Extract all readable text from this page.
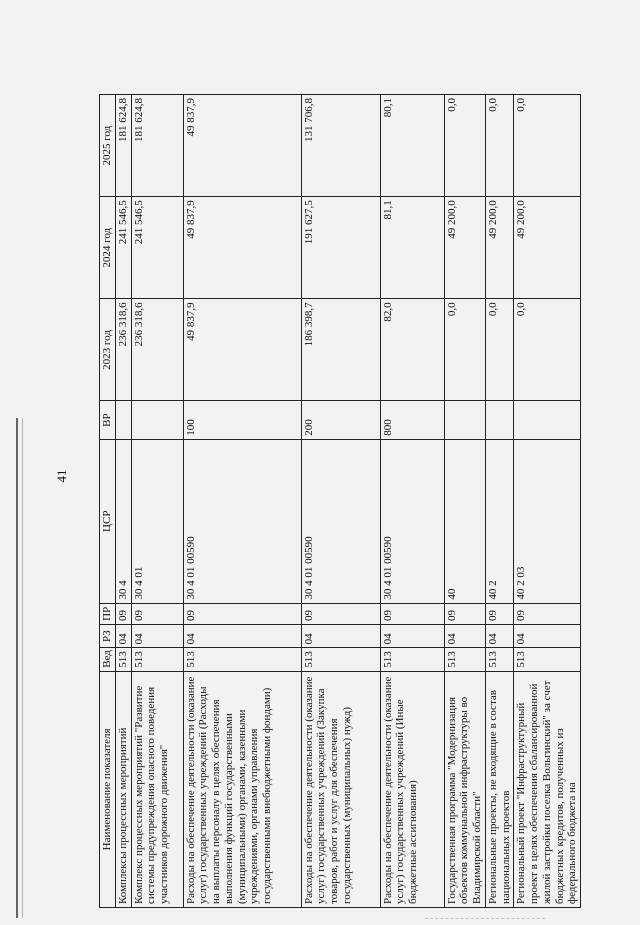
41
Наименование показателя	Вед	РЗ	ПР	ЦСР	ВР	2023 год	2024 год	2025 год
Комплексы процессных мероприятий	513	04	09	30 4		236 318,6	241 546,5	181 624,8
Комплекс процессных мероприятий "Развитие системы предупреждения опасного поведения участников дорожного движения"	513	04	09	30 4 01		236 318,6	241 546,5	181 624,8
Расходы на обеспечение деятельности (оказание услуг) государственных учреждений (Расходы на выплаты персоналу в целях обеспечения выполнения функций государственными (муниципальными) органами, казенными учреждениями, органами управления государственными внебюджетными фондами)	513	04	09	30 4 01 00590	100	49 837,9	49 837,9	49 837,9
Расходы на обеспечение деятельности (оказание услуг) государственных учреждений (Закупка товаров, работ и услуг для обеспечения государственных (муниципальных) нужд)	513	04	09	30 4 01 00590	200	186 398,7	191 627,5	131 706,8
Расходы на обеспечение деятельности (оказание услуг) государственных учреждений (Иные бюджетные ассигнования)	513	04	09	30 4 01 00590	800	82,0	81,1	80,1
Государственная программа "Модернизация объектов коммунальной инфраструктуры во Владимирской области"	513	04	09	40		0,0	49 200,0	0,0
Региональные проекты, не входящие в состав национальных проектов	513	04	09	40 2		0,0	49 200,0	0,0
Региональный проект "Инфраструктурный проект в целях обеспечения сбалансированной жилой застройки поселка Вольгинский" за счет бюджетных кредитов, полученных из федерального бюджета на	513	04	09	40 2 03		0,0	49 200,0	0,0
